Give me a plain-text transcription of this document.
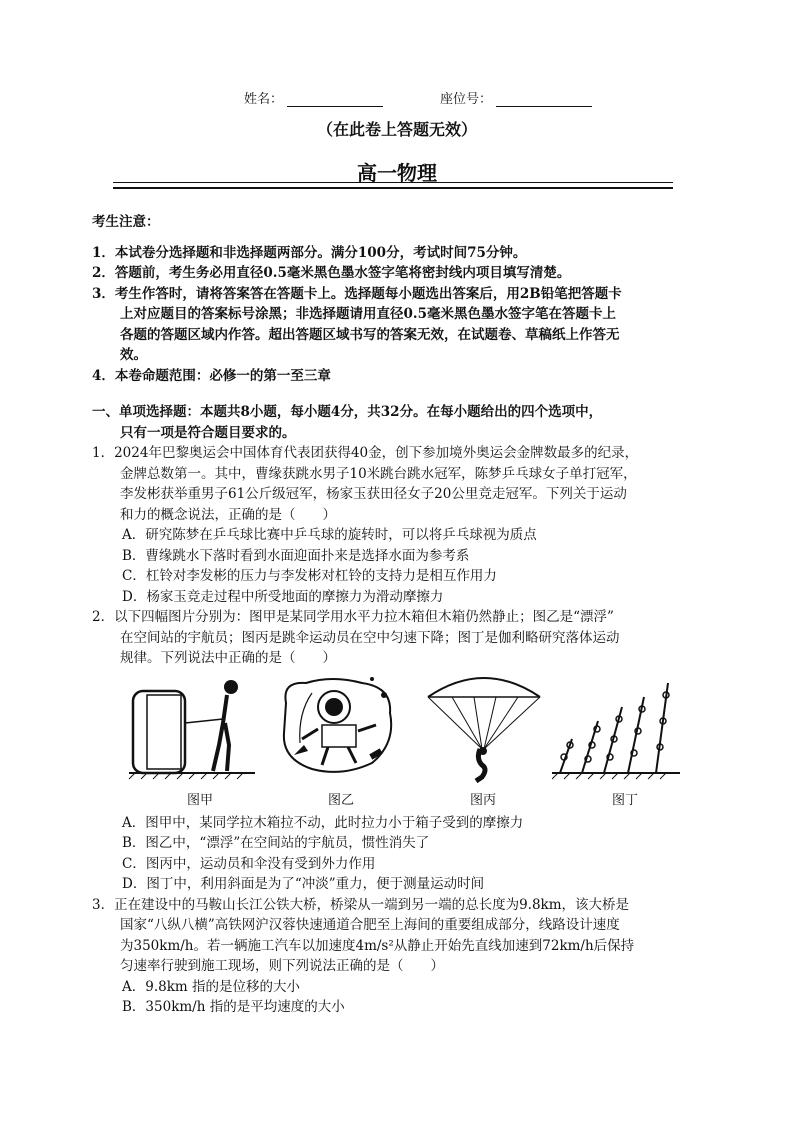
姓名：	座位号：
（在此卷上答题无效）
高一物理
考生注意：
1．本试卷分选择题和非选择题两部分。满分100分，考试时间75分钟。
2．答题前，考生务必用直径0.5毫米黑色墨水签字笔将密封线内项目填写清楚。
3．考生作答时，请将答案答在答题卡上。选择题每小题选出答案后，用2B铅笔把答题卡
上对应题目的答案标号涂黑；非选择题请用直径0.5毫米黑色墨水签字笔在答题卡上
各题的答题区域内作答。超出答题区域书写的答案无效，在试题卷、草稿纸上作答无
效。
4．本卷命题范围：必修一的第一至三章
一、单项选择题：本题共8小题，每小题4分，共32分。在每小题给出的四个选项中，
只有一项是符合题目要求的。
1．2024年巴黎奥运会中国体育代表团获得40金，创下参加境外奥运会金牌数最多的纪录，
金牌总数第一。其中，曹缘获跳水男子10米跳台跳水冠军，陈梦乒乓球女子单打冠军，
李发彬获举重男子61公斤级冠军，杨家玉获田径女子20公里竞走冠军。下列关于运动
和力的概念说法，正确的是（　　）
A．研究陈梦在乒乓球比赛中乒乓球的旋转时，可以将乒乓球视为质点
B．曹缘跳水下落时看到水面迎面扑来是选择水面为参考系
C．杠铃对李发彬的压力与李发彬对杠铃的支持力是相互作用力
D．杨家玉竞走过程中所受地面的摩擦力为滑动摩擦力
2．以下四幅图片分别为：图甲是某同学用水平力拉木箱但木箱仍然静止；图乙是“漂浮”
在空间站的宇航员；图丙是跳伞运动员在空中匀速下降；图丁是伽利略研究落体运动
规律。下列说法中正确的是（　　）
图甲	图乙	图丙	图丁
A．图甲中，某同学拉木箱拉不动，此时拉力小于箱子受到的摩擦力
B．图乙中，“漂浮”在空间站的宇航员，惯性消失了
C．图丙中，运动员和伞没有受到外力作用
D．图丁中，利用斜面是为了“冲淡”重力，便于测量运动时间
3．正在建设中的马鞍山长江公铁大桥，桥梁从一端到另一端的总长度为9.8km，该大桥是
国家“八纵八横”高铁网沪汉蓉快速通道合肥至上海间的重要组成部分，线路设计速度
为350km/h。若一辆施工汽车以加速度4m/s²从静止开始先直线加速到72km/h后保持
匀速率行驶到施工现场，则下列说法正确的是（　　）
A．9.8km 指的是位移的大小
B．350km/h 指的是平均速度的大小
